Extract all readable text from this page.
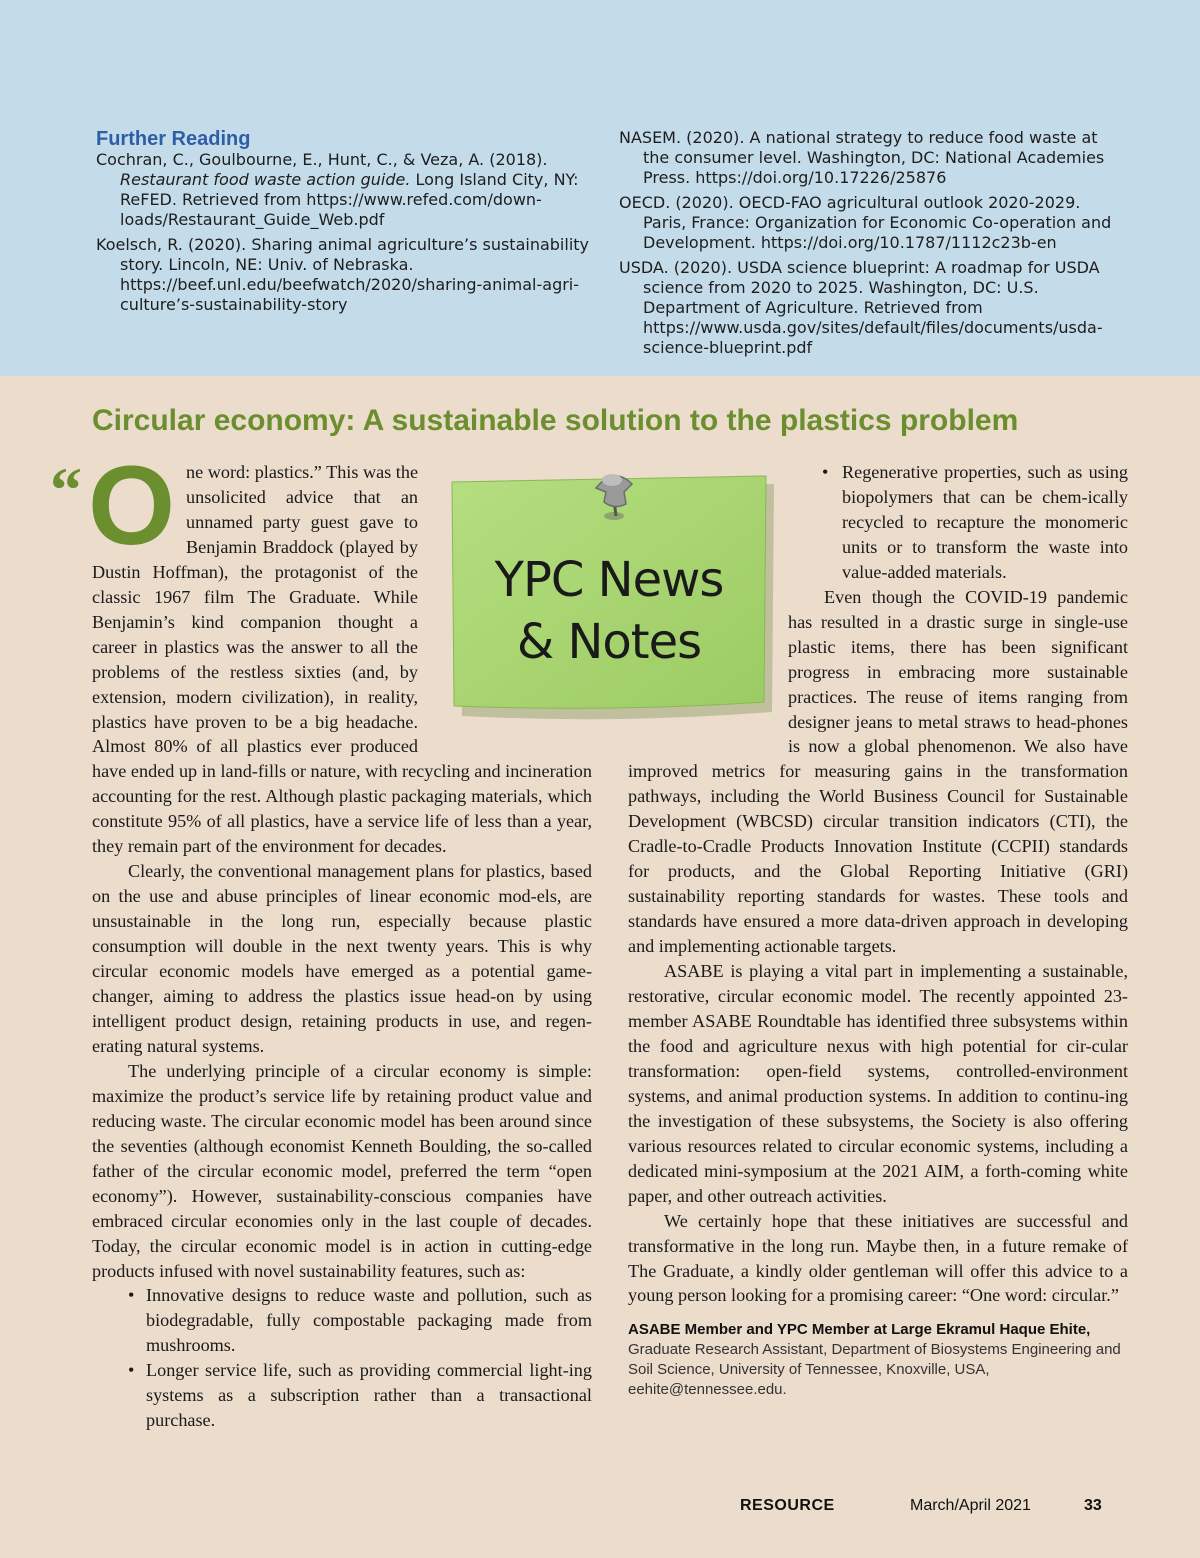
Further Reading

Cochran, C., Goulbourne, E., Hunt, C., & Veza, A. (2018). Restaurant food waste action guide. Long Island City, NY: ReFED. Retrieved from https://www.refed.com/down-loads/Restaurant_Guide_Web.pdf

Koelsch, R. (2020). Sharing animal agriculture’s sustainability story. Lincoln, NE: Univ. of Nebraska. https://beef.unl.edu/beefwatch/2020/sharing-animal-agri-culture’s-sustainability-story

NASEM. (2020). A national strategy to reduce food waste at the consumer level. Washington, DC: National Academies Press. https://doi.org/10.17226/25876

OECD. (2020). OECD-FAO agricultural outlook 2020-2029. Paris, France: Organization for Economic Co-operation and Development. https://doi.org/10.1787/1112c23b-en

USDA. (2020). USDA science blueprint: A roadmap for USDA science from 2020 to 2025. Washington, DC: U.S. Department of Agriculture. Retrieved from https://www.usda.gov/sites/default/files/documents/usda-science-blueprint.pdf

Circular economy: A sustainable solution to the plastics problem
“ O ne word: plastics.” This was the unsolicited advice that an unnamed party guest gave to Benjamin Braddock (played by Dustin Hoffman), the protagonist of the classic 1967 film The Graduate. While Benjamin’s kind companion thought a career in plastics was the answer to all the problems of the restless sixties (and, by extension, modern civilization), in reality, plastics have proven to be a big headache. Almost 80% of all plastics ever produced have ended up in land-fills or nature, with recycling and incineration accounting for the rest. Although plastic packaging materials, which constitute 95% of all plastics, have a service life of less than a year, they remain part of the environment for decades.

Clearly, the conventional management plans for plastics, based on the use and abuse principles of linear economic mod-els, are unsustainable in the long run, especially because plastic consumption will double in the next twenty years. This is why circular economic models have emerged as a potential game-changer, aiming to address the plastics issue head-on by using intelligent product design, retaining products in use, and regen-erating natural systems.

The underlying principle of a circular economy is simple: maximize the product’s service life by retaining product value and reducing waste. The circular economic model has been around since the seventies (although economist Kenneth Boulding, the so-called father of the circular economic model, preferred the term “open economy”). However, sustainability-conscious companies have embraced circular economies only in the last couple of decades. Today, the circular economic model is in action in cutting-edge products infused with novel sustainability features, such as:

• Innovative designs to reduce waste and pollution, such as biodegradable, fully compostable packaging made from mushrooms.
• Longer service life, such as providing commercial light-ing systems as a subscription rather than a transactional purchase.
• Regenerative properties, such as using biopolymers that can be chem-ically recycled to recapture the monomeric units or to transform the waste into value-added materials.

Even though the COVID-19 pandemic has resulted in a drastic surge in single-use plastic items, there has been significant progress in embracing more sustainable practices. The reuse of items ranging from designer jeans to metal straws to head-phones is now a global phenomenon. We also have improved metrics for measuring gains in the transformation pathways, including the World Business Council for Sustainable Development (WBCSD) circular transition indicators (CTI), the Cradle-to-Cradle Products Innovation Institute (CCPII) standards for products, and the Global Reporting Initiative (GRI) sustainability reporting standards for wastes. These tools and standards have ensured a more data-driven approach in developing and implementing actionable targets.

ASABE is playing a vital part in implementing a sustainable, restorative, circular economic model. The recently appointed 23-member ASABE Roundtable has identified three subsystems within the food and agriculture nexus with high potential for cir-cular transformation: open-field systems, controlled-environment systems, and animal production systems. In addition to continu-ing the investigation of these subsystems, the Society is also offering various resources related to circular economic systems, including a dedicated mini-symposium at the 2021 AIM, a forth-coming white paper, and other outreach activities.

We certainly hope that these initiatives are successful and transformative in the long run. Maybe then, in a future remake of The Graduate, a kindly older gentleman will offer this advice to a young person looking for a promising career: “One word: circular.”

ASABE Member and YPC Member at Large Ekramul Haque Ehite, Graduate Research Assistant, Department of Biosystems Engineering and Soil Science, University of Tennessee, Knoxville, USA, eehite@tennessee.edu.
YPC News
& Notes
RESOURCE	March/April 2021	33
